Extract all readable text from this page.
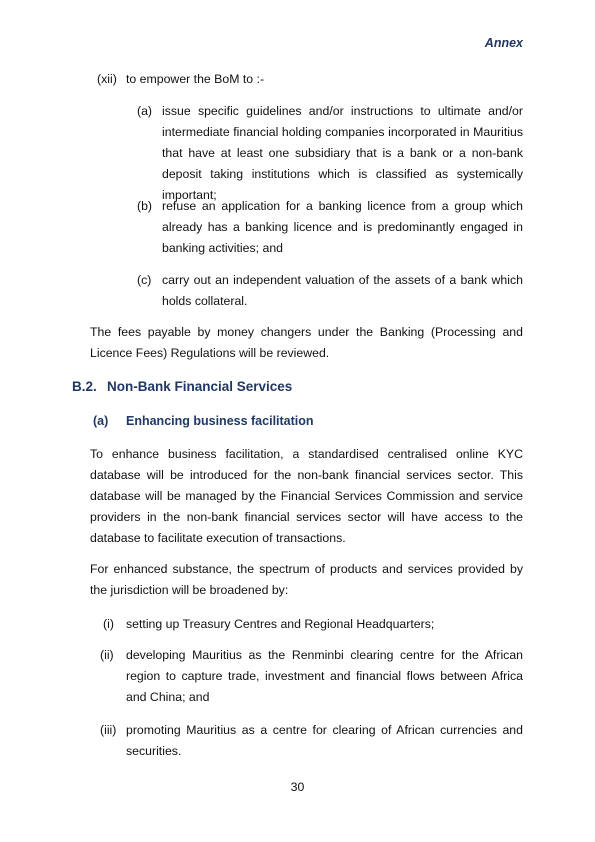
Annex
(xii) to empower the BoM to :-
(a) issue specific guidelines and/or instructions to ultimate and/or intermediate financial holding companies incorporated in Mauritius that have at least one subsidiary that is a bank or a non-bank deposit taking institutions which is classified as systemically important;
(b) refuse an application for a banking licence from a group which already has a banking licence and is predominantly engaged in banking activities; and
(c) carry out an independent valuation of the assets of a bank which holds collateral.
The fees payable by money changers under the Banking (Processing and Licence Fees) Regulations will be reviewed.
B.2. Non-Bank Financial Services
(a) Enhancing business facilitation
To enhance business facilitation, a standardised centralised online KYC database will be introduced for the non-bank financial services sector. This database will be managed by the Financial Services Commission and service providers in the non-bank financial services sector will have access to the database to facilitate execution of transactions.
For enhanced substance, the spectrum of products and services provided by the jurisdiction will be broadened by:
(i) setting up Treasury Centres and Regional Headquarters;
(ii) developing Mauritius as the Renminbi clearing centre for the African region to capture trade, investment and financial flows between Africa and China; and
(iii) promoting Mauritius as a centre for clearing of African currencies and securities.
30
